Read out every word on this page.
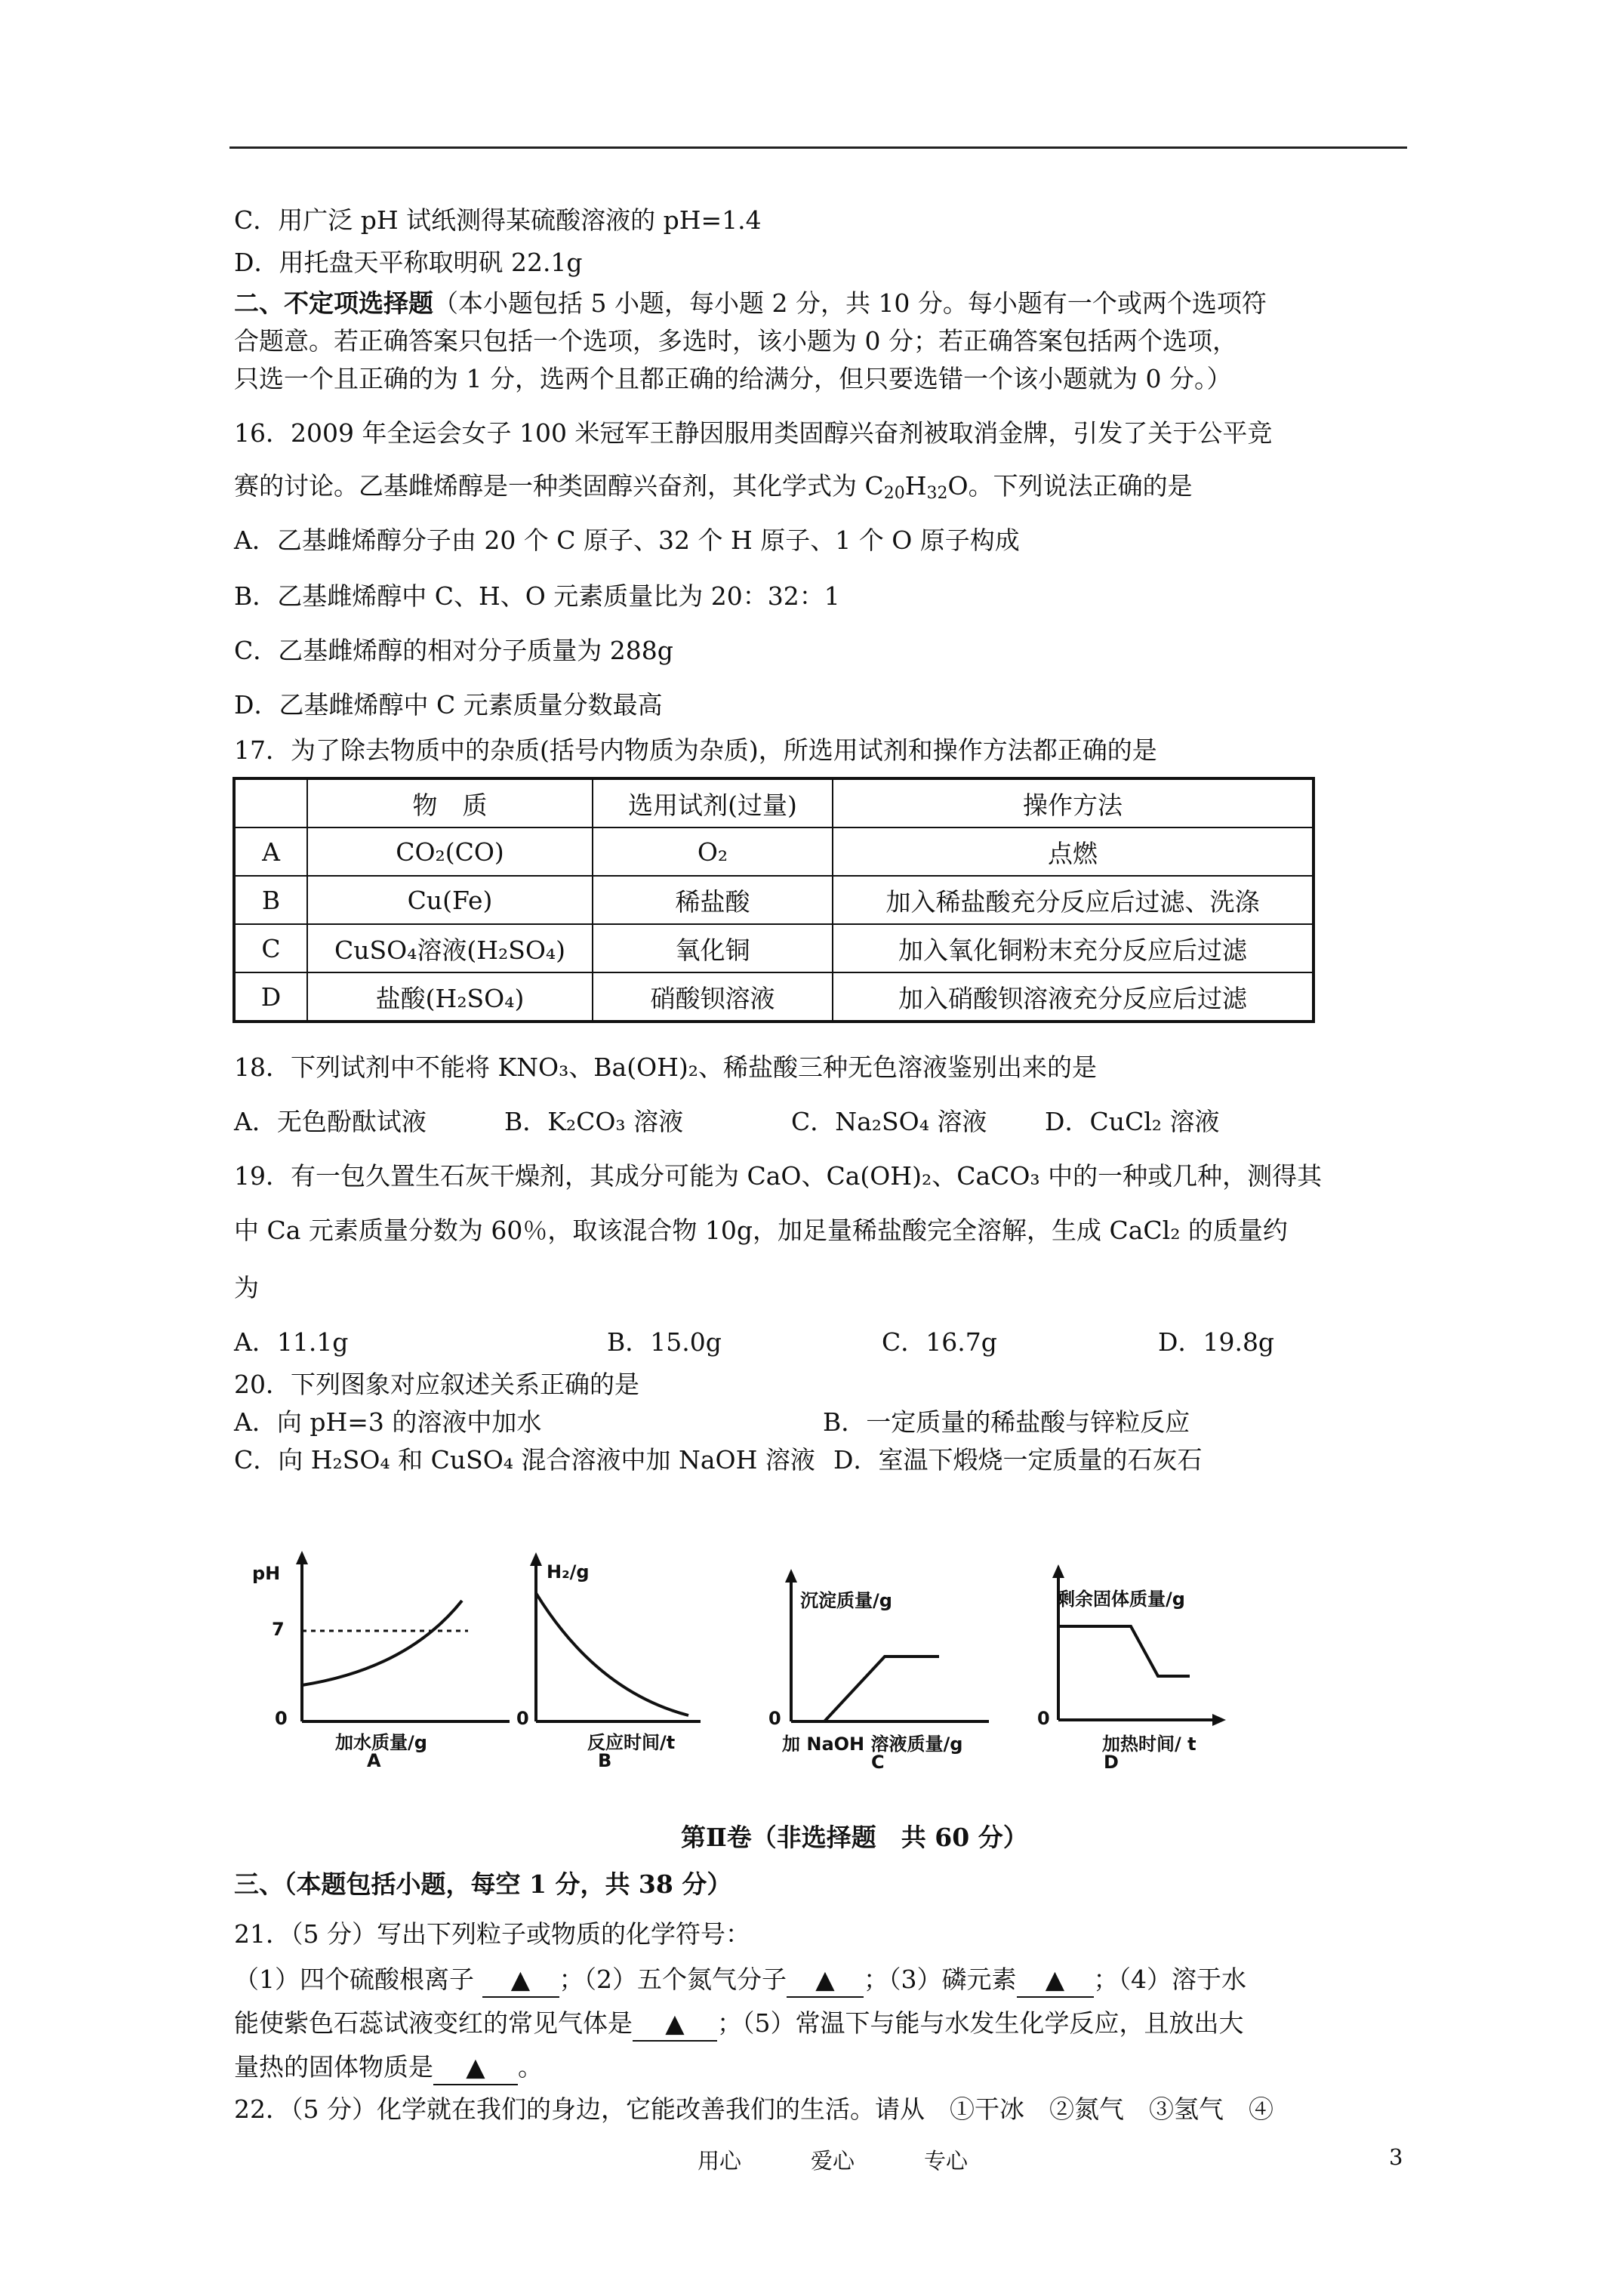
C．用广泛 pH 试纸测得某硫酸溶液的 pH=1.4
D．用托盘天平称取明矾 22.1g
二、不定项选择题（本小题包括 5 小题，每小题 2 分，共 10 分。每小题有一个或两个选项符
合题意。若正确答案只包括一个选项，多选时，该小题为 0 分；若正确答案包括两个选项，
只选一个且正确的为 1 分，选两个且都正确的给满分，但只要选错一个该小题就为 0 分。）
16．2009 年全运会女子 100 米冠军王静因服用类固醇兴奋剂被取消金牌，引发了关于公平竞
赛的讨论。乙基雌烯醇是一种类固醇兴奋剂，其化学式为 $C_{20}H_{32}O$。下列说法正确的是
A．乙基雌烯醇分子由 20 个 C 原子、32 个 H 原子、1 个 O 原子构成
B．乙基雌烯醇中 C、H、O 元素质量比为 20：32：1
C．乙基雌烯醇的相对分子质量为 288g
D．乙基雌烯醇中 C 元素质量分数最高
17．为了除去物质中的杂质(括号内物质为杂质)，所选用试剂和操作方法都正确的是
	物　质	选用试剂(过量)	操作方法
A	CO₂(CO)	O₂	点燃
B	Cu(Fe)	稀盐酸	加入稀盐酸充分反应后过滤、洗涤
C	CuSO₄溶液(H₂SO₄)	氧化铜	加入氧化铜粉末充分反应后过滤
D	盐酸(H₂SO₄)	硝酸钡溶液	加入硝酸钡溶液充分反应后过滤
18．下列试剂中不能将 KNO₃、Ba(OH)₂、稀盐酸三种无色溶液鉴别出来的是
A．无色酚酞试液	B．K₂CO₃ 溶液	C．Na₂SO₄ 溶液 D．CuCl₂ 溶液
19．有一包久置生石灰干燥剂，其成分可能为 CaO、Ca(OH)₂、CaCO₃ 中的一种或几种，测得其
中 Ca 元素质量分数为 60％，取该混合物 10g，加足量稀盐酸完全溶解，生成 CaCl₂ 的质量约
为
A．11.1g	B．15.0g	C．16.7g	D．19.8g
20．下列图象对应叙述关系正确的是
A．向 pH=3 的溶液中加水	B．一定质量的稀盐酸与锌粒反应
C．向 H₂SO₄ 和 CuSO₄ 混合溶液中加 NaOH 溶液 D．室温下煅烧一定质量的石灰石
pH
7
0
加水质量/g
A
H₂/g
0
反应时间/t
B
沉淀质量/g
0
加 NaOH 溶液质量/g
C
剩余固体质量/g
0
加热时间/ t
D
第Ⅱ卷（非选择题　共 60 分）
三、（本题包括小题，每空 1 分，共 38 分）
21．（5 分）写出下列粒子或物质的化学符号：
（1）四个硫酸根离子 ▲ ；（2）五个氮气分子 ▲ ；（3）磷元素 ▲ ；（4）溶于水
能使紫色石蕊试液变红的常见气体是 ▲ ；（5）常温下与能与水发生化学反应，且放出大
量热的固体物质是 ▲ 。
22．（5 分）化学就在我们的身边，它能改善我们的生活。请从　①干冰　②氮气　③氢气　④
用心	爱心	专心	3
